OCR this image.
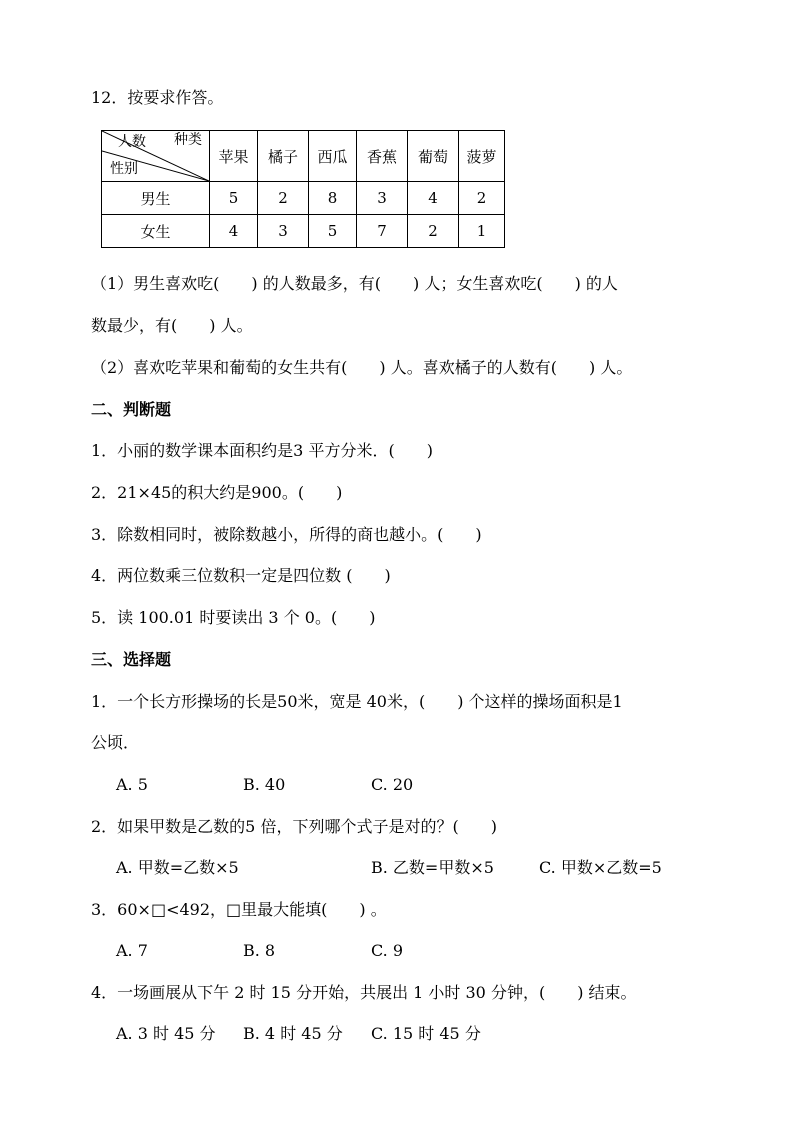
12．按要求作答。
人数 种类
性别	苹果	橘子	西瓜	香蕉	葡萄	菠萝
男生	5	2	8	3	4	2
女生	4	3	5	7	2	1
（1）男生喜欢吃(　　) 的人数最多，有(　　) 人；女生喜欢吃(　　) 的人
数最少，有(　　) 人。
（2）喜欢吃苹果和葡萄的女生共有(　　) 人。喜欢橘子的人数有(　　) 人。
二、判断题
1．小丽的数学课本面积约是3 平方分米．(　　)
2．21×45的积大约是900。(　　)
3．除数相同时，被除数越小，所得的商也越小。(　　)
4．两位数乘三位数积一定是四位数 (　　)
5．读 100.01 时要读出 3 个 0。(　　)
三、选择题
1．一个长方形操场的长是50米，宽是 40米，(　　) 个这样的操场面积是1
公顷．
A. 5	B. 40	C. 20
2．如果甲数是乙数的5 倍，下列哪个式子是对的？(　　)
A. 甲数=乙数×5	B. 乙数=甲数×5	C. 甲数×乙数=5
3．60×□<492，□里最大能填(　　) 。
A. 7	B. 8	C. 9
4．一场画展从下午 2 时 15 分开始，共展出 1 小时 30 分钟，(　　) 结束。
A. 3 时 45 分 B. 4 时 45 分 C. 15 时 45 分
